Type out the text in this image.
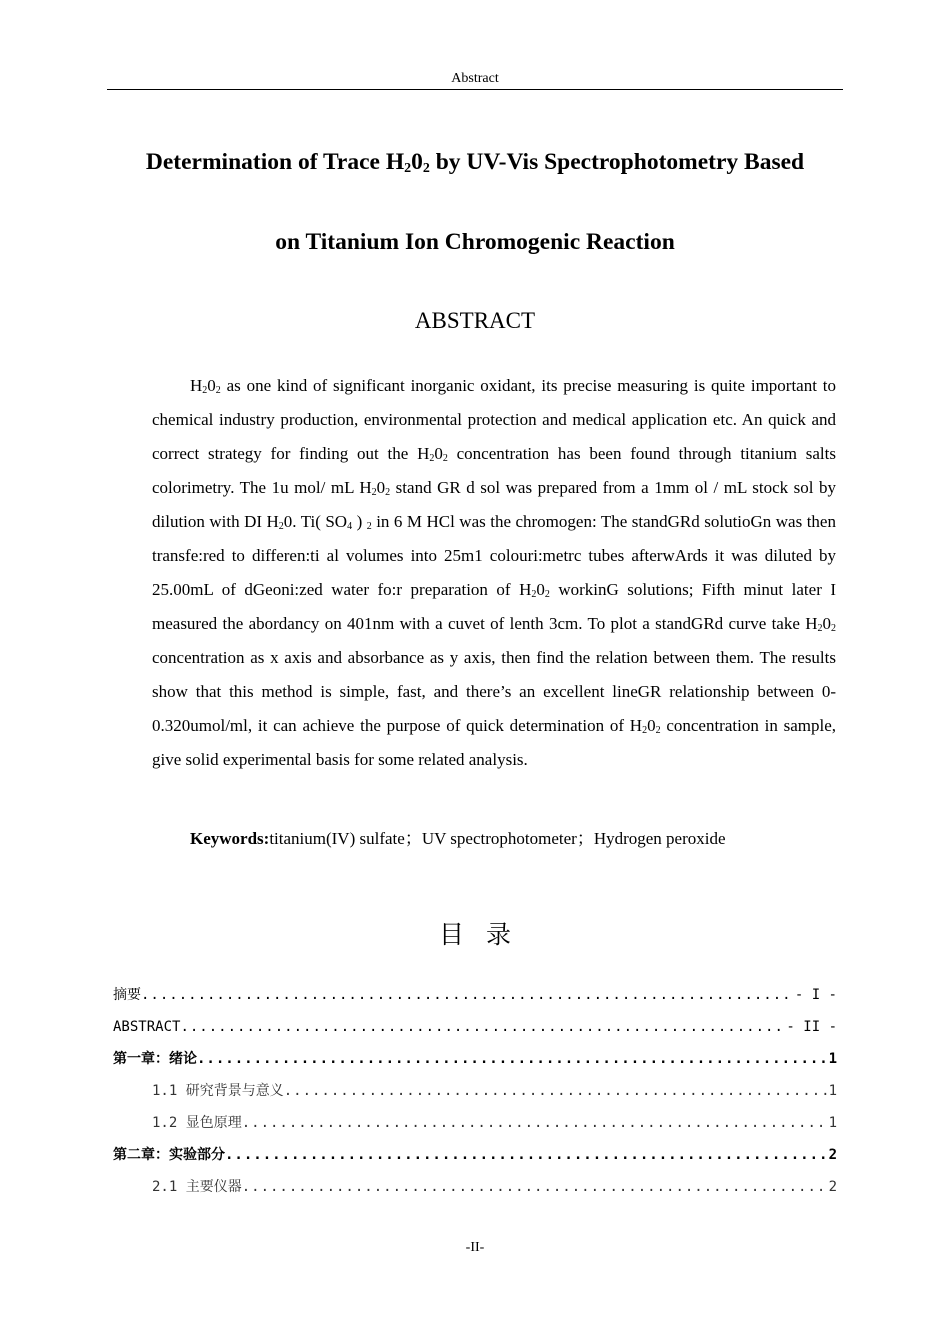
Abstract
Determination of Trace $H_20_2$ by UV-Vis Spectrophotometry Based
on Titanium Ion Chromogenic Reaction
ABSTRACT
$H_20_2$ as one kind of significant inorganic oxidant, its precise measuring is quite important to chemical industry production, environmental protection and medical application etc. An quick and correct strategy for finding out the $H_20_2$ concentration has been found through titanium salts colorimetry. The 1u mol/ mL $H_20_2$ stand GR d sol was prepared from a 1mm ol / mL stock sol by dilution with DI $H_20$. Ti( $SO_4$ ) $_2$ in 6 M HCl was the chromogen: The standGRd solutioGn was then transfe:red to differen:ti al volumes into 25m1 colouri:metrc tubes afterwArds it was diluted by 25.00mL of dGeoni:zed water fo:r preparation of $H_20_2$ workinG solutions; Fifth minut later I measured the abordancy on 401nm with a cuvet of lenth 3cm. To plot a standGRd curve take $H_20_2$ concentration as x axis and absorbance as y axis, then find the relation between them. The results show that this method is simple, fast, and there’s an excellent lineGR relationship between 0-0.320umol/ml, it can achieve the purpose of quick determination of $H_20_2$ concentration in sample, give solid experimental basis for some related analysis.
Keywords:titanium(IV) sulfate；UV spectrophotometer；Hydrogen peroxide
目录
摘要 .....	- I -
ABSTRACT .....	- II -
第一章：绪论 .....	1
1.1 研究背景与意义 .....	1
1.2 显色原理 .....	1
第二章：实验部分 .....	2
2.1 主要仪器 .....	2
-II-
